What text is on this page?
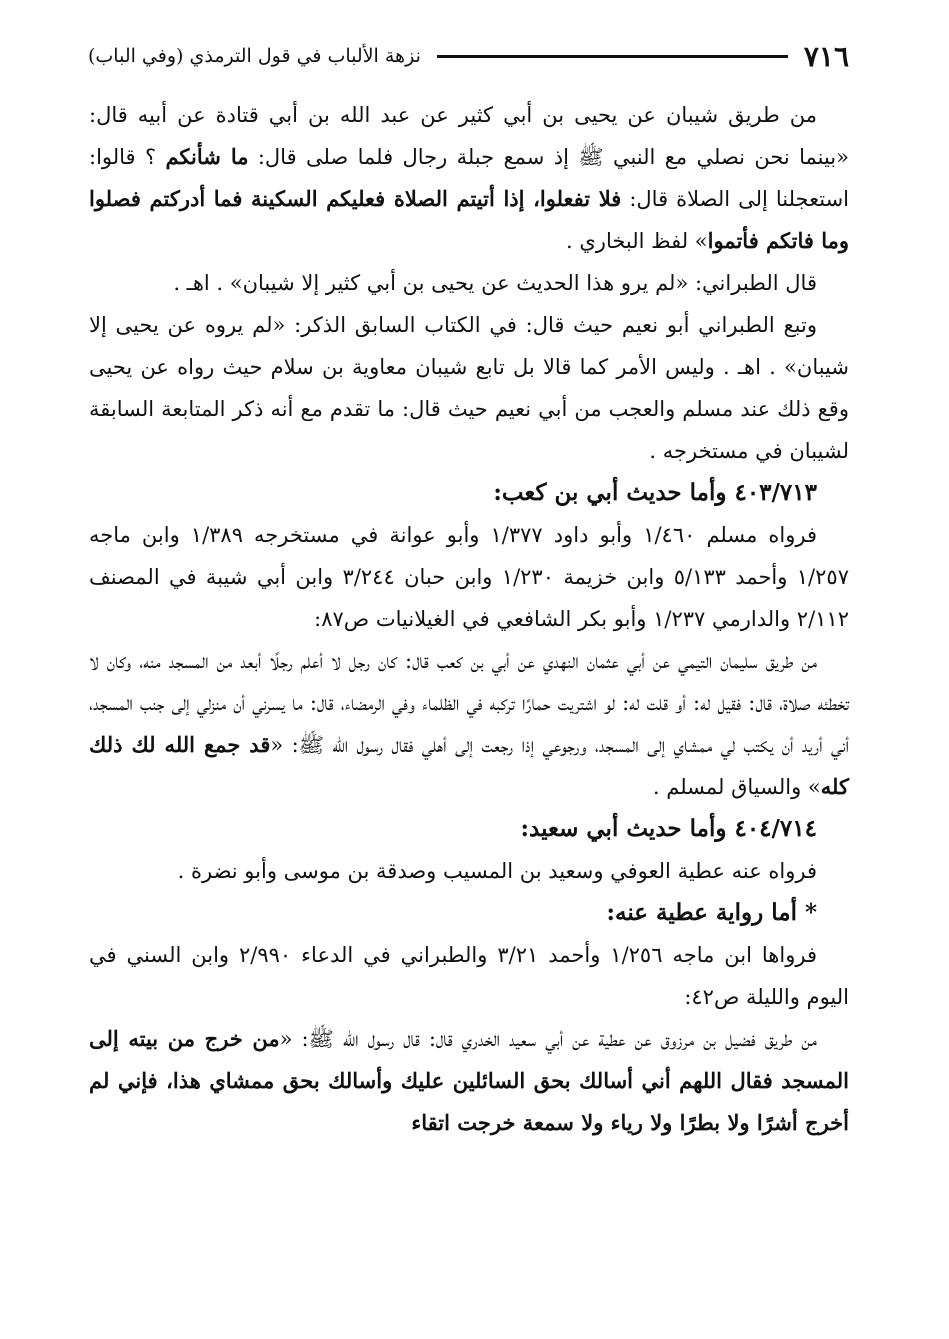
٧١٦
نزهة الألباب في قول الترمذي (وفي الباب)

من طريق شيبان عن يحيى بن أبي كثير عن عبد الله بن أبي قتادة عن أبيه قال: «بينما نحن نصلي مع النبي ﷺ إذ سمع جبلة رجال فلما صلى قال: ما شأنكم ؟ قالوا: استعجلنا إلى الصلاة قال: فلا تفعلوا، إذا أتيتم الصلاة فعليكم السكينة فما أدركتم فصلوا وما فاتكم فأتموا» لفظ البخاري .

قال الطبراني: «لم يرو هذا الحديث عن يحيى بن أبي كثير إلا شيبان» . اهـ .

وتبع الطبراني أبو نعيم حيث قال: في الكتاب السابق الذكر: «لم يروه عن يحيى إلا شيبان» . اهـ . وليس الأمر كما قالا بل تابع شيبان معاوية بن سلام حيث رواه عن يحيى وقع ذلك عند مسلم والعجب من أبي نعيم حيث قال: ما تقدم مع أنه ذكر المتابعة السابقة لشيبان في مستخرجه .

٤٠٣/٧١٣ وأما حديث أبي بن كعب:

فرواه مسلم ١/٤٦٠ وأبو داود ١/٣٧٧ وأبو عوانة في مستخرجه ١/٣٨٩ وابن ماجه ١/٢٥٧ وأحمد ٥/١٣٣ وابن خزيمة ١/٢٣٠ وابن حبان ٣/٢٤٤ وابن أبي شيبة في المصنف ٢/١١٢ والدارمي ١/٢٣٧ وأبو بكر الشافعي في الغيلانيات ص٨٧:

من طريق سليمان التيمي عن أبي عثمان النهدي عن أبي بن كعب قال: كان رجل لا أعلم رجلًا أبعد من المسجد منه، وكان لا تخطئه صلاة، قال: فقيل له: أو قلت له: لو اشتريت حمارًا تركبه في الظلماء وفي الرمضاء، قال: ما يسرني أن منزلي إلى جنب المسجد، أني أريد أن يكتب لي ممشاي إلى المسجد، ورجوعي إذا رجعت إلى أهلي فقال رسول الله ﷺ: «قد جمع الله لك ذلك كله» والسياق لمسلم .

٤٠٤/٧١٤ وأما حديث أبي سعيد:

فرواه عنه عطية العوفي وسعيد بن المسيب وصدقة بن موسى وأبو نضرة .

* أما رواية عطية عنه:

فرواها ابن ماجه ١/٢٥٦ وأحمد ٣/٢١ والطبراني في الدعاء ٢/٩٩٠ وابن السني في اليوم والليلة ص٤٢:

من طريق فضيل بن مرزوق عن عطية عن أبي سعيد الخدري قال: قال رسول الله ﷺ: «من خرج من بيته إلى المسجد فقال اللهم أني أسالك بحق السائلين عليك وأسالك بحق ممشاي هذا، فإني لم أخرج أشرًا ولا بطرًا ولا رياء ولا سمعة خرجت اتقاء
